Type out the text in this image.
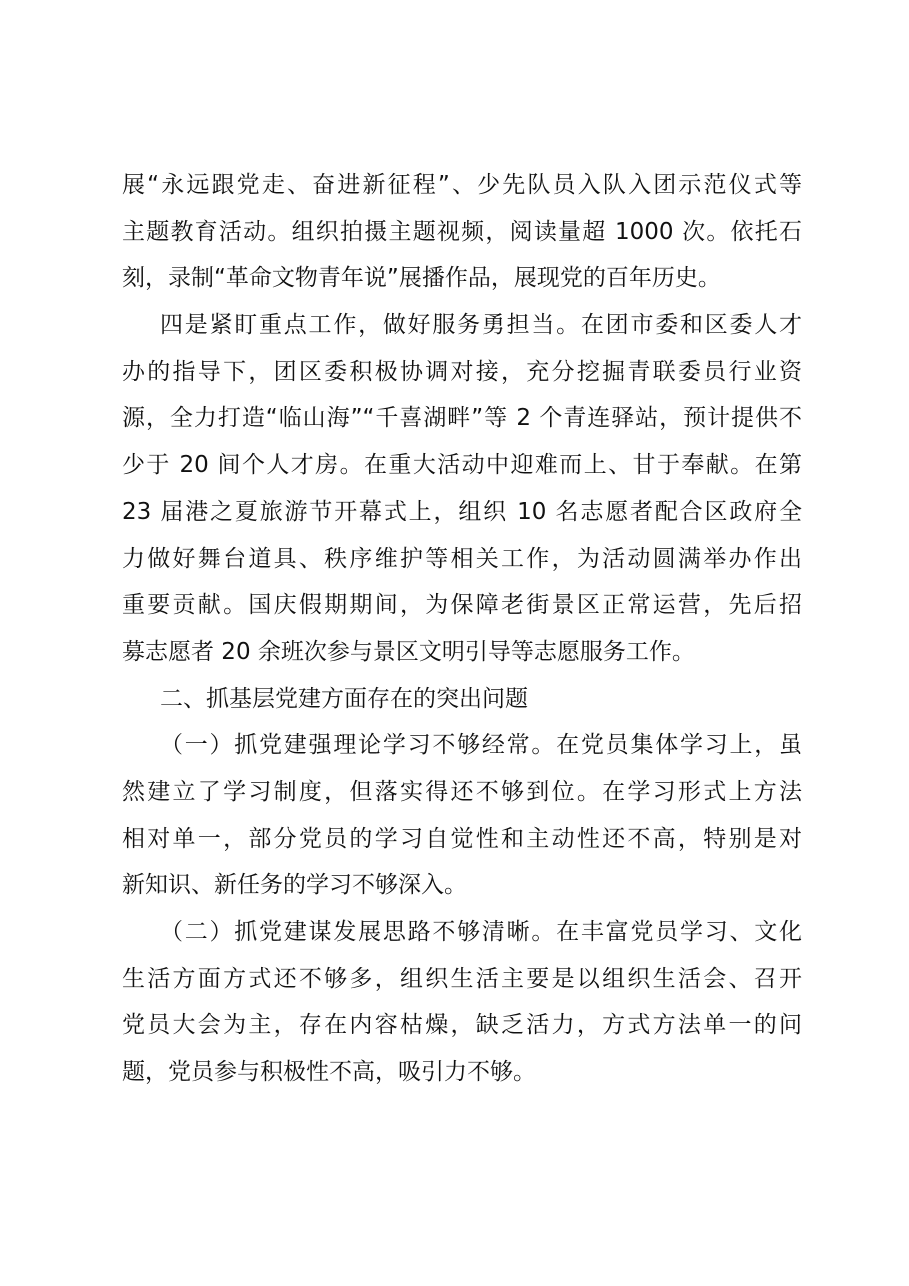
展“永远跟党走、奋进新征程”、少先队员入队入团示范仪式等
主题教育活动。组织拍摄主题视频，阅读量超 1000 次。依托石
刻，录制“革命文物青年说”展播作品，展现党的百年历史。
四是紧盯重点工作，做好服务勇担当。在团市委和区委人才
办的指导下，团区委积极协调对接，充分挖掘青联委员行业资
源，全力打造“临山海”“千喜湖畔”等 2 个青连驿站，预计提供不
少于 20 间个人才房。在重大活动中迎难而上、甘于奉献。在第
23 届港之夏旅游节开幕式上，组织 10 名志愿者配合区政府全
力做好舞台道具、秩序维护等相关工作，为活动圆满举办作出
重要贡献。国庆假期期间，为保障老街景区正常运营，先后招
募志愿者 20 余班次参与景区文明引导等志愿服务工作。
二、抓基层党建方面存在的突出问题
（一）抓党建强理论学习不够经常。在党员集体学习上，虽
然建立了学习制度，但落实得还不够到位。在学习形式上方法
相对单一，部分党员的学习自觉性和主动性还不高，特别是对
新知识、新任务的学习不够深入。
（二）抓党建谋发展思路不够清晰。在丰富党员学习、文化
生活方面方式还不够多，组织生活主要是以组织生活会、召开
党员大会为主，存在内容枯燥，缺乏活力，方式方法单一的问
题，党员参与积极性不高，吸引力不够。
